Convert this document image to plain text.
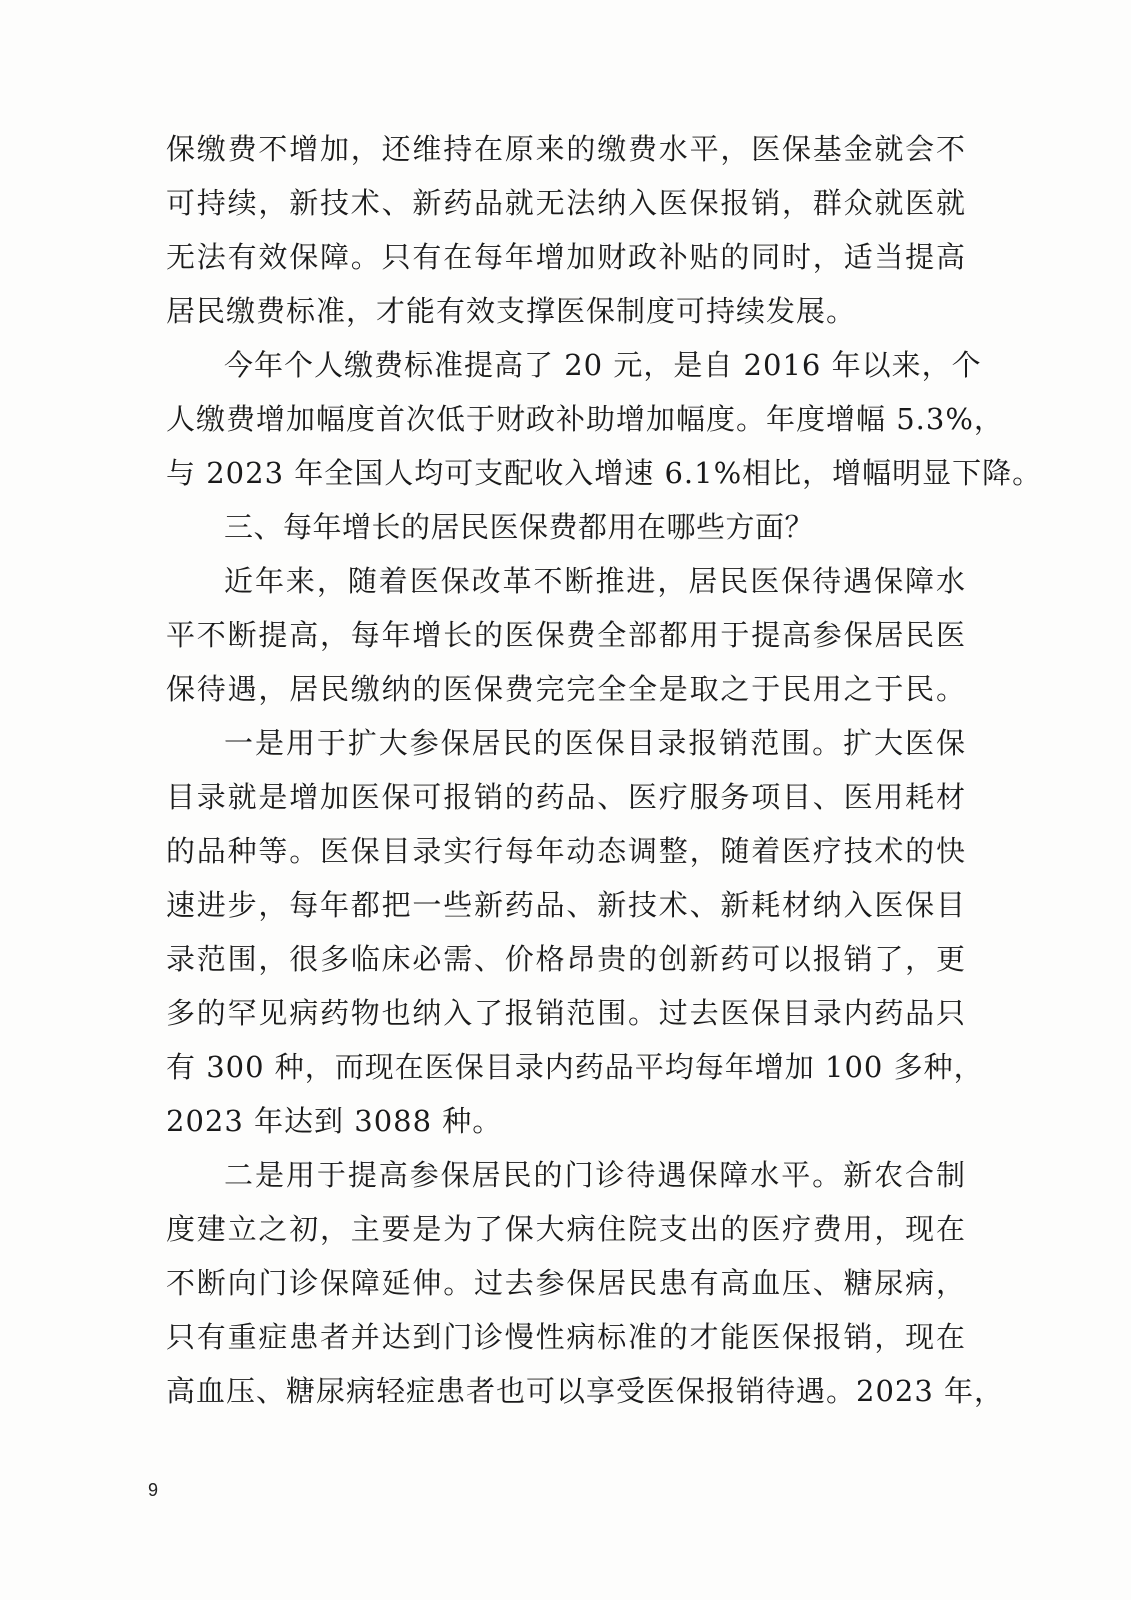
保缴费不增加，还维持在原来的缴费水平，医保基金就会不
可持续，新技术、新药品就无法纳入医保报销，群众就医就
无法有效保障。只有在每年增加财政补贴的同时，适当提高
居民缴费标准，才能有效支撑医保制度可持续发展。
今年个人缴费标准提高了 20 元，是自 2016 年以来，个
人缴费增加幅度首次低于财政补助增加幅度。年度增幅 5.3%，
与 2023 年全国人均可支配收入增速 6.1%相比，增幅明显下降。
三、每年增长的居民医保费都用在哪些方面？
近年来，随着医保改革不断推进，居民医保待遇保障水
平不断提高，每年增长的医保费全部都用于提高参保居民医
保待遇，居民缴纳的医保费完完全全是取之于民用之于民。
一是用于扩大参保居民的医保目录报销范围。扩大医保
目录就是增加医保可报销的药品、医疗服务项目、医用耗材
的品种等。医保目录实行每年动态调整，随着医疗技术的快
速进步，每年都把一些新药品、新技术、新耗材纳入医保目
录范围，很多临床必需、价格昂贵的创新药可以报销了，更
多的罕见病药物也纳入了报销范围。过去医保目录内药品只
有 300 种，而现在医保目录内药品平均每年增加 100 多种，
2023 年达到 3088 种。
二是用于提高参保居民的门诊待遇保障水平。新农合制
度建立之初，主要是为了保大病住院支出的医疗费用，现在
不断向门诊保障延伸。过去参保居民患有高血压、糖尿病，
只有重症患者并达到门诊慢性病标准的才能医保报销，现在
高血压、糖尿病轻症患者也可以享受医保报销待遇。2023 年，
9
